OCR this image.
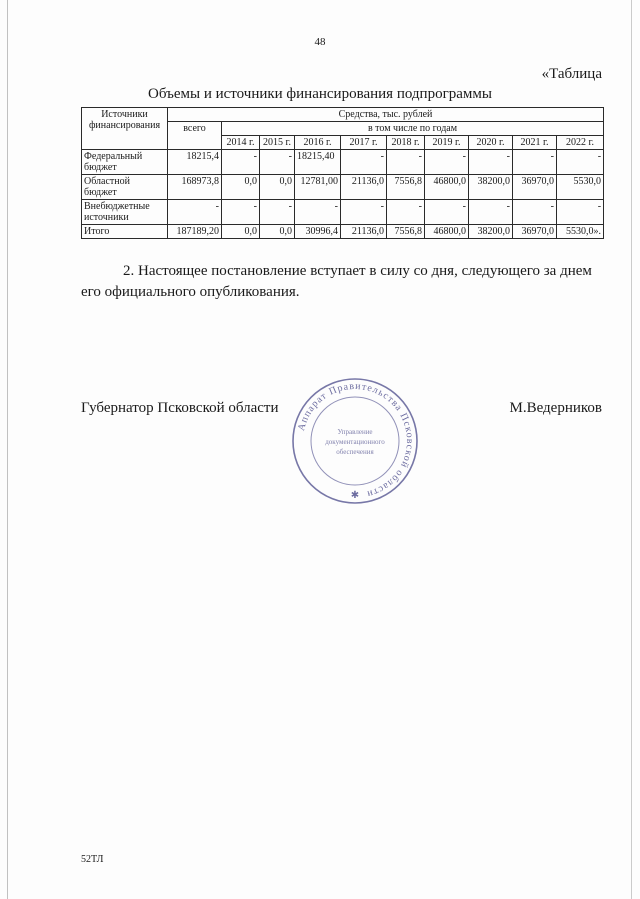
48
«Таблица
Объемы и источники финансирования подпрограммы
Источники финансирования	Средства, тыс. рублей									
	всего	в том числе по годам								
		2014 г.	2015 г.	2016 г.	2017 г.	2018 г.	2019 г.	2020 г.	2021 г.	2022 г.
Федеральный бюджет	18215,4	-	-	18215,40	-	-	-	-	-	-
Областной бюджет	168973,8	0,0	0,0	12781,00	21136,0	7556,8	46800,0	38200,0	36970,0	5530,0
Внебюджетные источники	-	-	-	-	-	-	-	-	-	-
Итого	187189,20	0,0	0,0	30996,4	21136,0	7556,8	46800,0	38200,0	36970,0	5530,0».
2. Настоящее постановление вступает в силу со дня, следующего за днем его официального опубликования.
Губернатор Псковской области	М.Ведерников
Аппарат Правительства Псковской области
Управление
документационного
обеспечения
✱
52ТЛ
